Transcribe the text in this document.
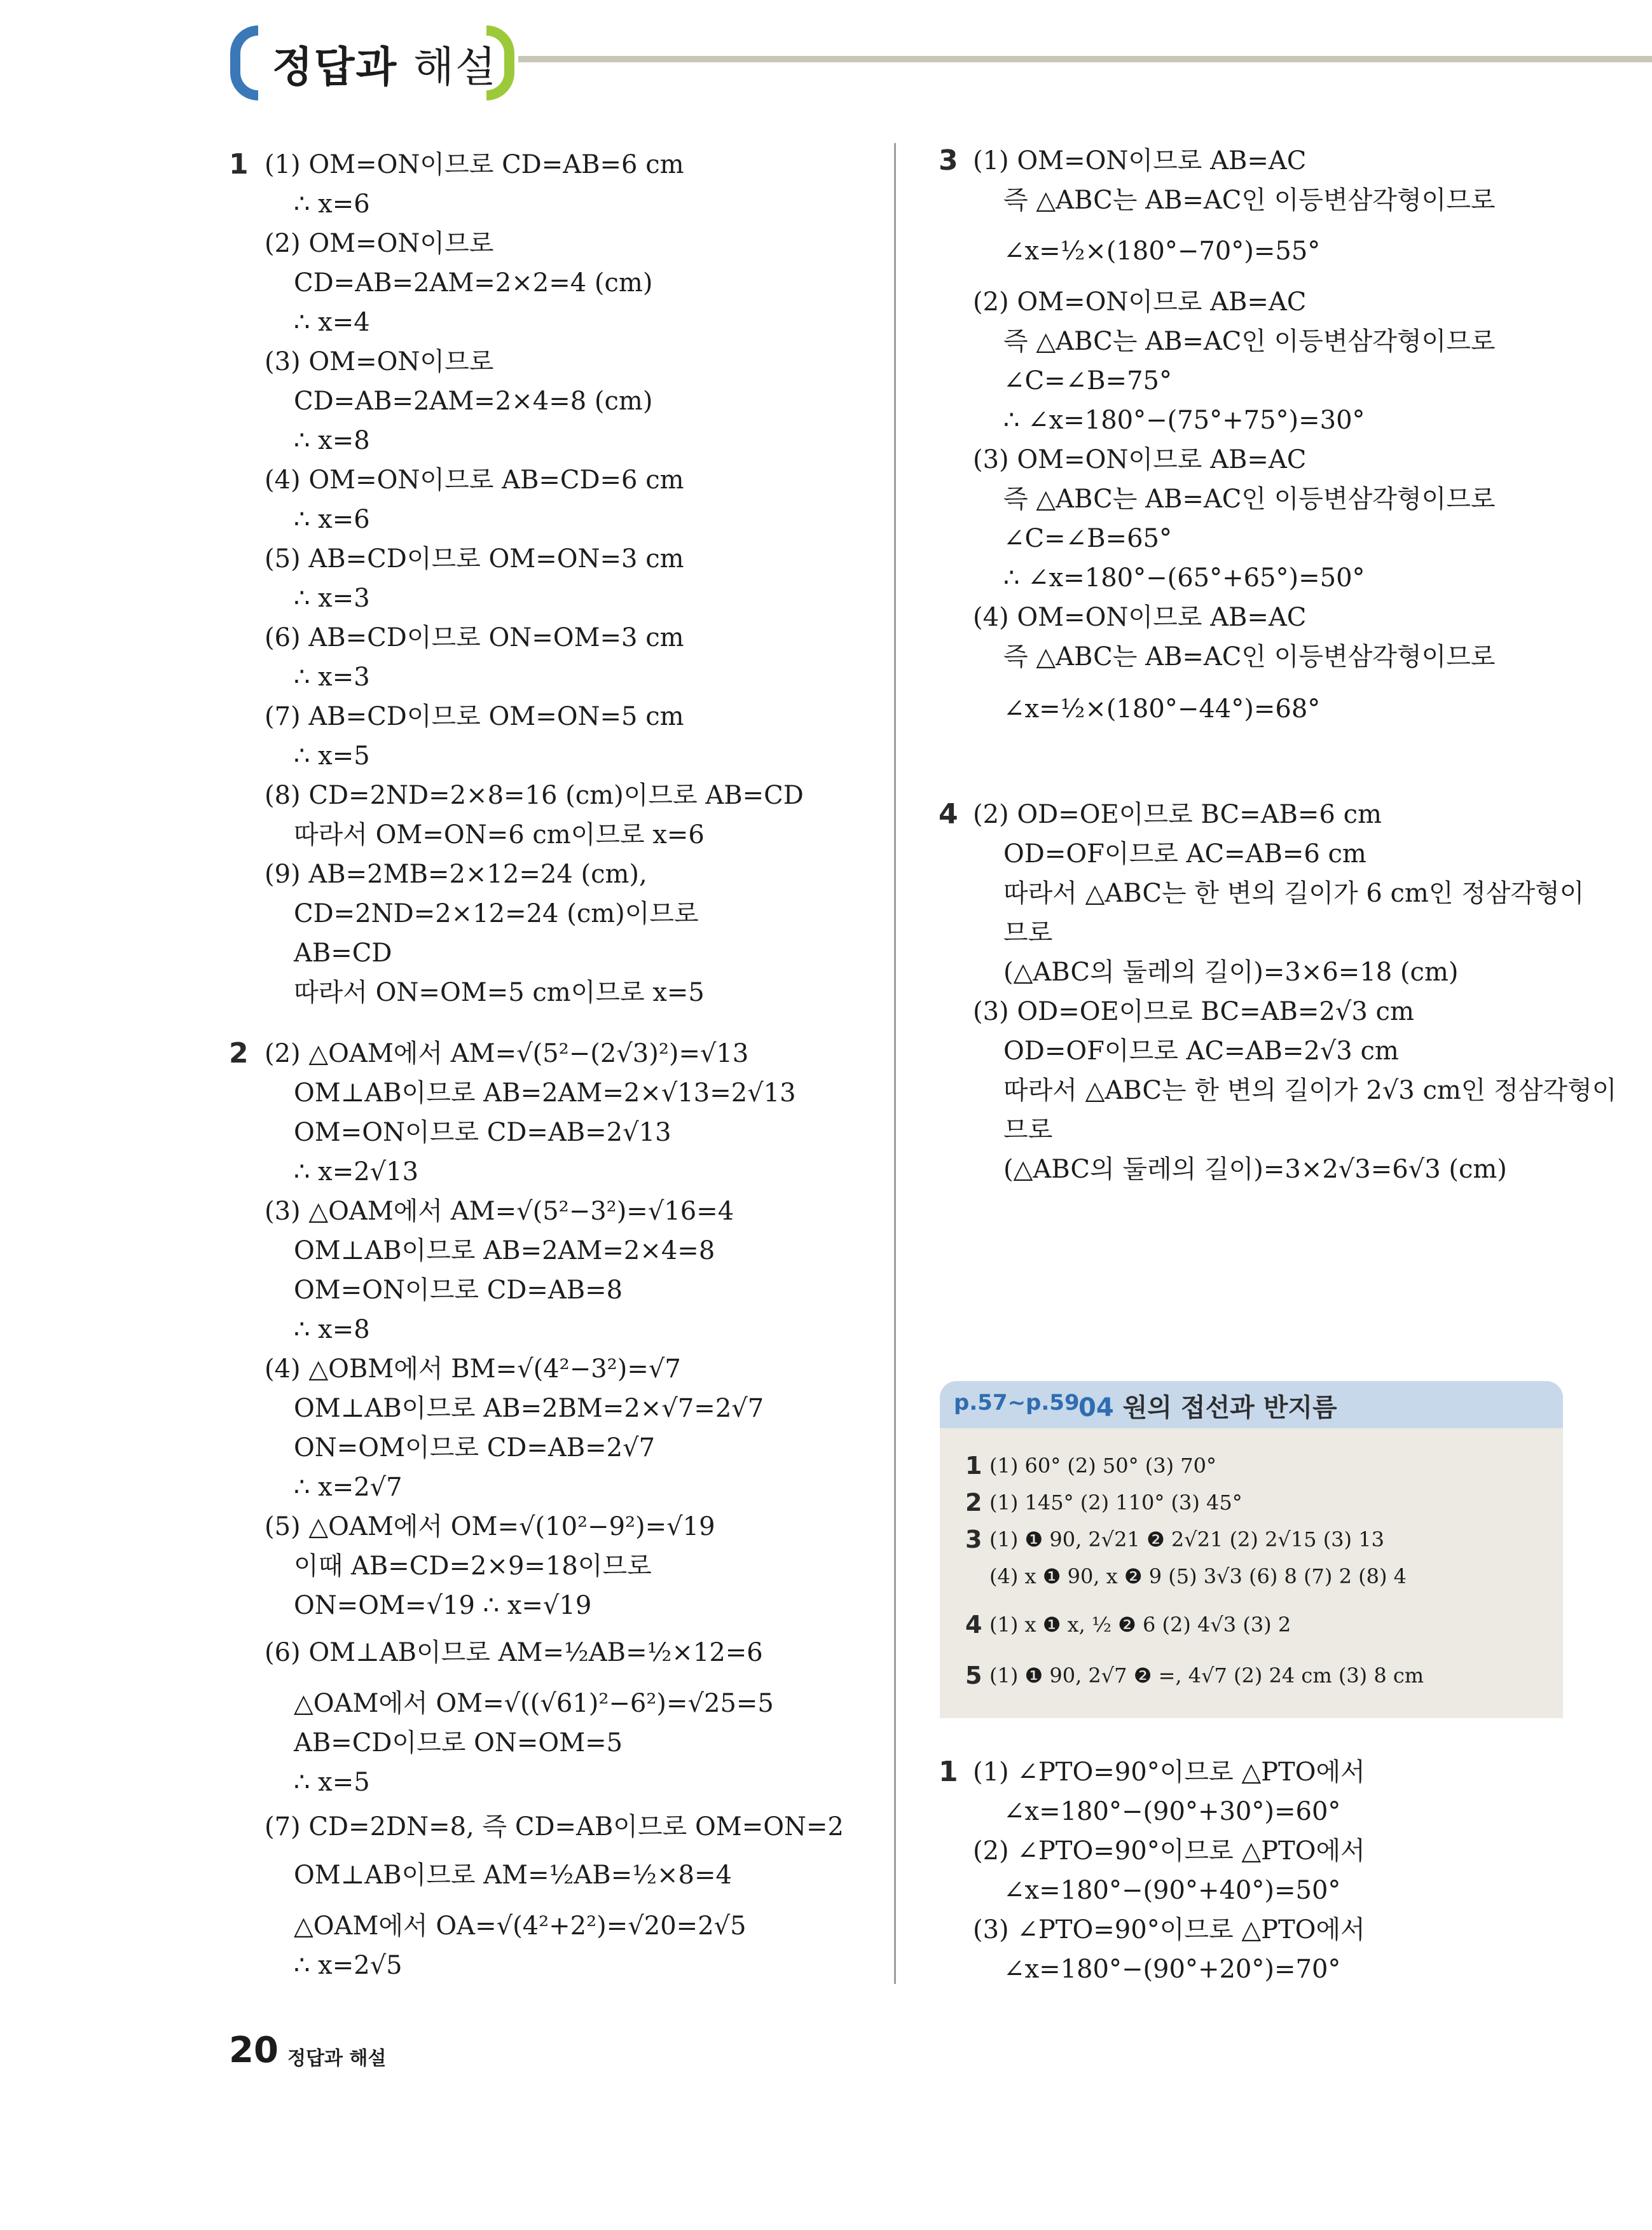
정답과 해설
1
2
(1) OM=ON이므로 CD=AB=6 cm
∴ x=6
(2) OM=ON이므로
CD=AB=2AM=2×2=4 (cm)
∴ x=4
(3) OM=ON이므로
CD=AB=2AM=2×4=8 (cm)
∴ x=8
(4) OM=ON이므로 AB=CD=6 cm
∴ x=6
(5) AB=CD이므로 OM=ON=3 cm
∴ x=3
(6) AB=CD이므로 ON=OM=3 cm
∴ x=3
(7) AB=CD이므로 OM=ON=5 cm
∴ x=5
(8) CD=2ND=2×8=16 (cm)이므로 AB=CD
따라서 OM=ON=6 cm이므로 x=6
(9) AB=2MB=2×12=24 (cm),
CD=2ND=2×12=24 (cm)이므로
AB=CD
따라서 ON=OM=5 cm이므로 x=5
(2) △OAM에서 AM=√(5²−(2√3)²)=√13
OM⊥AB이므로 AB=2AM=2×√13=2√13
OM=ON이므로 CD=AB=2√13
∴ x=2√13
(3) △OAM에서 AM=√(5²−3²)=√16=4
OM⊥AB이므로 AB=2AM=2×4=8
OM=ON이므로 CD=AB=8
∴ x=8
(4) △OBM에서 BM=√(4²−3²)=√7
OM⊥AB이므로 AB=2BM=2×√7=2√7
ON=OM이므로 CD=AB=2√7
∴ x=2√7
(5) △OAM에서 OM=√(10²−9²)=√19
이때 AB=CD=2×9=18이므로
ON=OM=√19 ∴ x=√19
(6) OM⊥AB이므로 AM=½AB=½×12=6
△OAM에서 OM=√((√61)²−6²)=√25=5
AB=CD이므로 ON=OM=5
∴ x=5
(7) CD=2DN=8, 즉 CD=AB이므로 OM=ON=2
OM⊥AB이므로 AM=½AB=½×8=4
△OAM에서 OA=√(4²+2²)=√20=2√5
∴ x=2√5
3
4
1
(1) OM=ON이므로 AB=AC
즉 △ABC는 AB=AC인 이등변삼각형이므로
∠x=½×(180°−70°)=55°
(2) OM=ON이므로 AB=AC
즉 △ABC는 AB=AC인 이등변삼각형이므로
∠C=∠B=75°
∴ ∠x=180°−(75°+75°)=30°
(3) OM=ON이므로 AB=AC
즉 △ABC는 AB=AC인 이등변삼각형이므로
∠C=∠B=65°
∴ ∠x=180°−(65°+65°)=50°
(4) OM=ON이므로 AB=AC
즉 △ABC는 AB=AC인 이등변삼각형이므로
∠x=½×(180°−44°)=68°
(2) OD=OE이므로 BC=AB=6 cm
OD=OF이므로 AC=AB=6 cm
따라서 △ABC는 한 변의 길이가 6 cm인 정삼각형이
므로
(△ABC의 둘레의 길이)=3×6=18 (cm)
(3) OD=OE이므로 BC=AB=2√3 cm
OD=OF이므로 AC=AB=2√3 cm
따라서 △ABC는 한 변의 길이가 2√3 cm인 정삼각형이
므로
(△ABC의 둘레의 길이)=3×2√3=6√3 (cm)
(1) ∠PTO=90°이므로 △PTO에서
∠x=180°−(90°+30°)=60°
(2) ∠PTO=90°이므로 △PTO에서
∠x=180°−(90°+40°)=50°
(3) ∠PTO=90°이므로 △PTO에서
∠x=180°−(90°+20°)=70°
p.57~p.59
04 원의 접선과 반지름
1
2
3
4
5
(1) 60° (2) 50° (3) 70°
(1) 145° (2) 110° (3) 45°
(1) ❶ 90, 2√21 ❷ 2√21 (2) 2√15 (3) 13
(4) x ❶ 90, x ❷ 9 (5) 3√3 (6) 8 (7) 2 (8) 4
(1) x ❶ x, ½ ❷ 6 (2) 4√3 (3) 2
(1) ❶ 90, 2√7 ❷ =, 4√7 (2) 24 cm (3) 8 cm
20 정답과 해설
